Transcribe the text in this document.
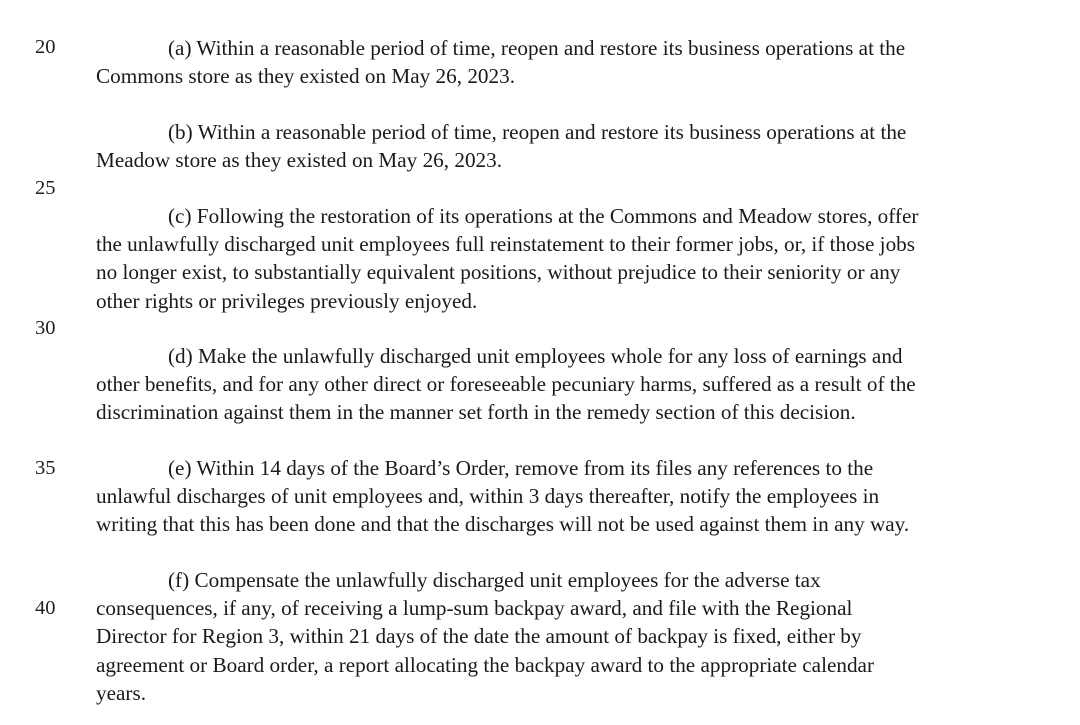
20
25
30
35
40
(a) Within a reasonable period of time, reopen and restore its business operations at the
Commons store as they existed on May 26, 2023.
(b) Within a reasonable period of time, reopen and restore its business operations at the
Meadow store as they existed on May 26, 2023.
(c) Following the restoration of its operations at the Commons and Meadow stores, offer
the unlawfully discharged unit employees full reinstatement to their former jobs, or, if those jobs
no longer exist, to substantially equivalent positions, without prejudice to their seniority or any
other rights or privileges previously enjoyed.
(d) Make the unlawfully discharged unit employees whole for any loss of earnings and
other benefits, and for any other direct or foreseeable pecuniary harms, suffered as a result of the
discrimination against them in the manner set forth in the remedy section of this decision.
(e) Within 14 days of the Board’s Order, remove from its files any references to the
unlawful discharges of unit employees and, within 3 days thereafter, notify the employees in
writing that this has been done and that the discharges will not be used against them in any way.
(f) Compensate the unlawfully discharged unit employees for the adverse tax
consequences, if any, of receiving a lump-sum backpay award, and file with the Regional
Director for Region 3, within 21 days of the date the amount of backpay is fixed, either by
agreement or Board order, a report allocating the backpay award to the appropriate calendar
years.
